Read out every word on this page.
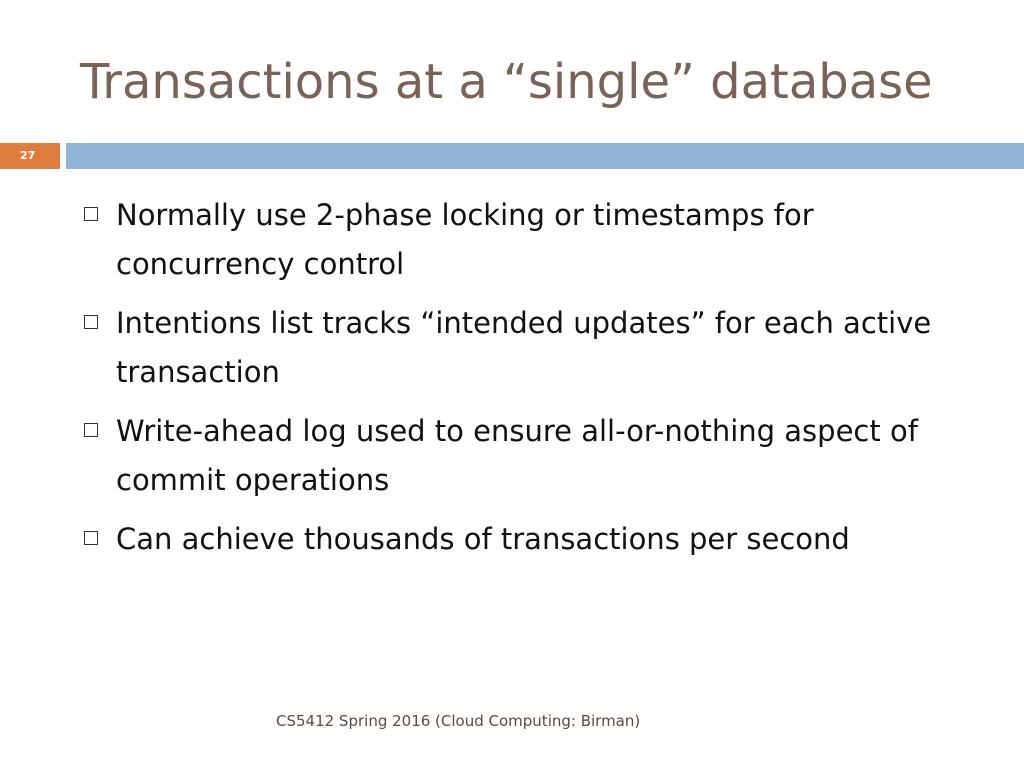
Transactions at a “single” database
27
Normally use 2-phase locking or timestamps for concurrency control
Intentions list tracks “intended updates” for each active transaction
Write-ahead log used to ensure all-or-nothing aspect of commit operations
Can achieve thousands of transactions per second
CS5412 Spring 2016 (Cloud Computing: Birman)
